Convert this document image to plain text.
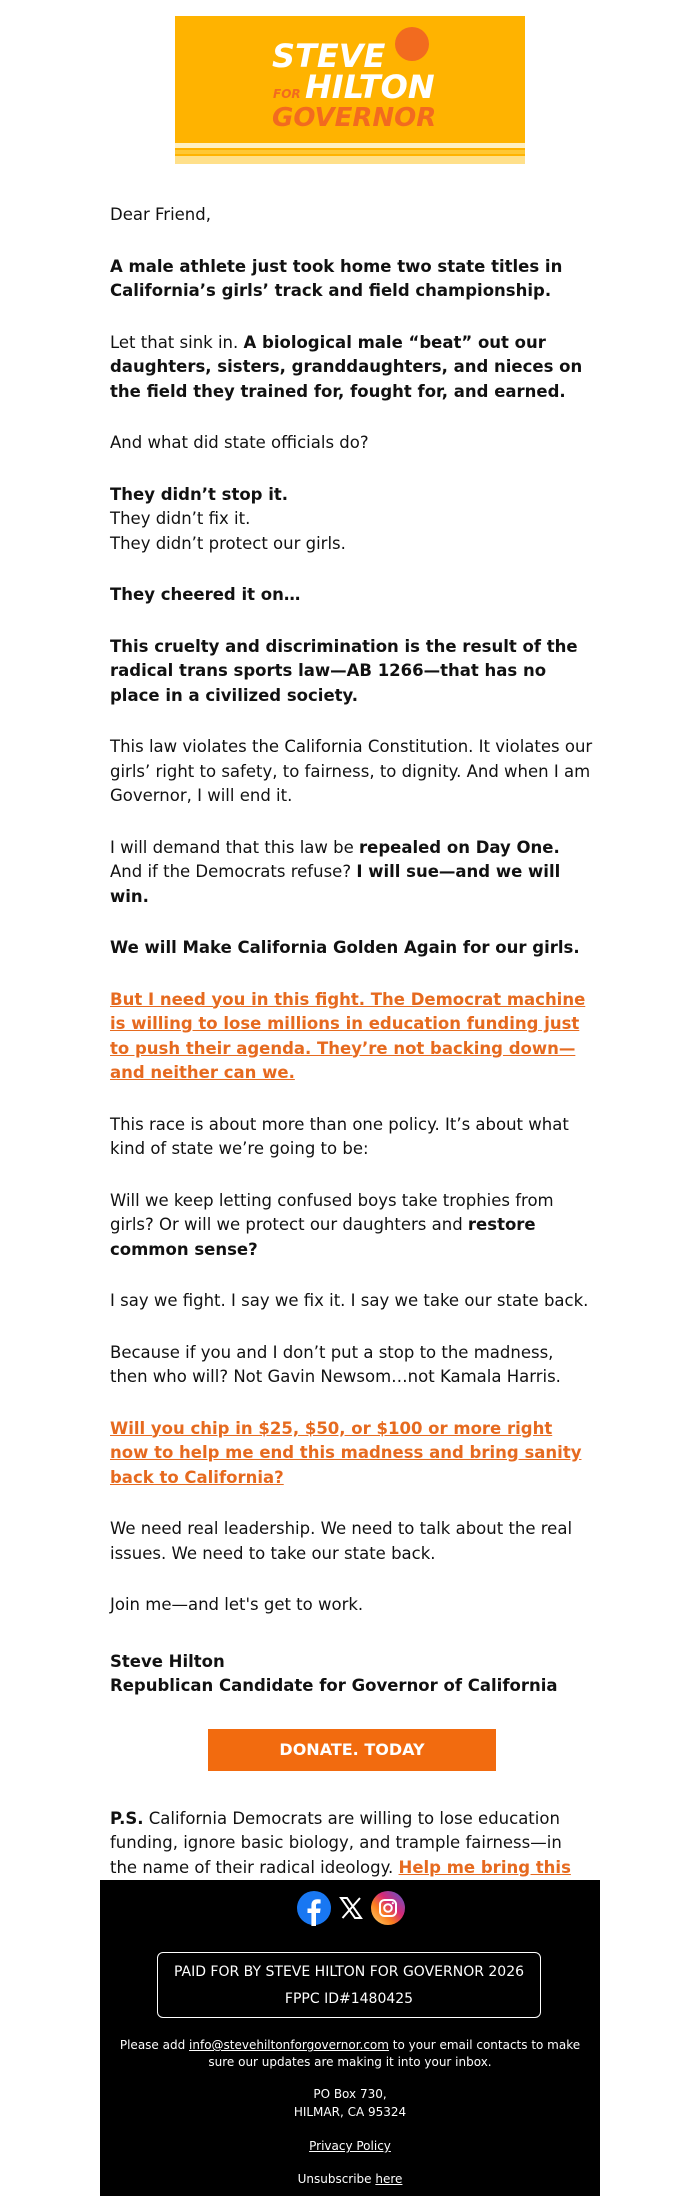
STEVE
FOR HILTON
GOVERNOR

Dear Friend,

A male athlete just took home two state titles in California’s girls’ track and field championship.

Let that sink in. A biological male “beat” out our daughters, sisters, granddaughters, and nieces on the field they trained for, fought for, and earned.

And what did state officials do?

They didn’t stop it.
They didn’t fix it.
They didn’t protect our girls.

They cheered it on…

This cruelty and discrimination is the result of the radical trans sports law—AB 1266—that has no place in a civilized society.

This law violates the California Constitution. It violates our girls’ right to safety, to fairness, to dignity. And when I am Governor, I will end it.

I will demand that this law be repealed on Day One. And if the Democrats refuse? I will sue—and we will win.

We will Make California Golden Again for our girls.

But I need you in this fight. The Democrat machine is willing to lose millions in education funding just to push their agenda. They’re not backing down—and neither can we.

This race is about more than one policy. It’s about what kind of state we’re going to be:

Will we keep letting confused boys take trophies from girls? Or will we protect our daughters and restore common sense?

I say we fight. I say we fix it. I say we take our state back.

Because if you and I don’t put a stop to the madness, then who will? Not Gavin Newsom…not Kamala Harris.

Will you chip in $25, $50, or $100 or more right now to help me end this madness and bring sanity back to California?

We need real leadership. We need to talk about the real issues. We need to take our state back.

Join me—and let's get to work.

Steve Hilton
Republican Candidate for Governor of California

DONATE. TODAY

P.S. California Democrats are willing to lose education funding, ignore basic biology, and trample fairness—in the name of their radical ideology. Help me bring this

PAID FOR BY STEVE HILTON FOR GOVERNOR 2026
FPPC ID#1480425
Please add info@stevehiltonforgovernor.com to your email contacts to make sure our updates are making it into your inbox.
PO Box 730,
HILMAR, CA 95324
Privacy Policy
Unsubscribe here
